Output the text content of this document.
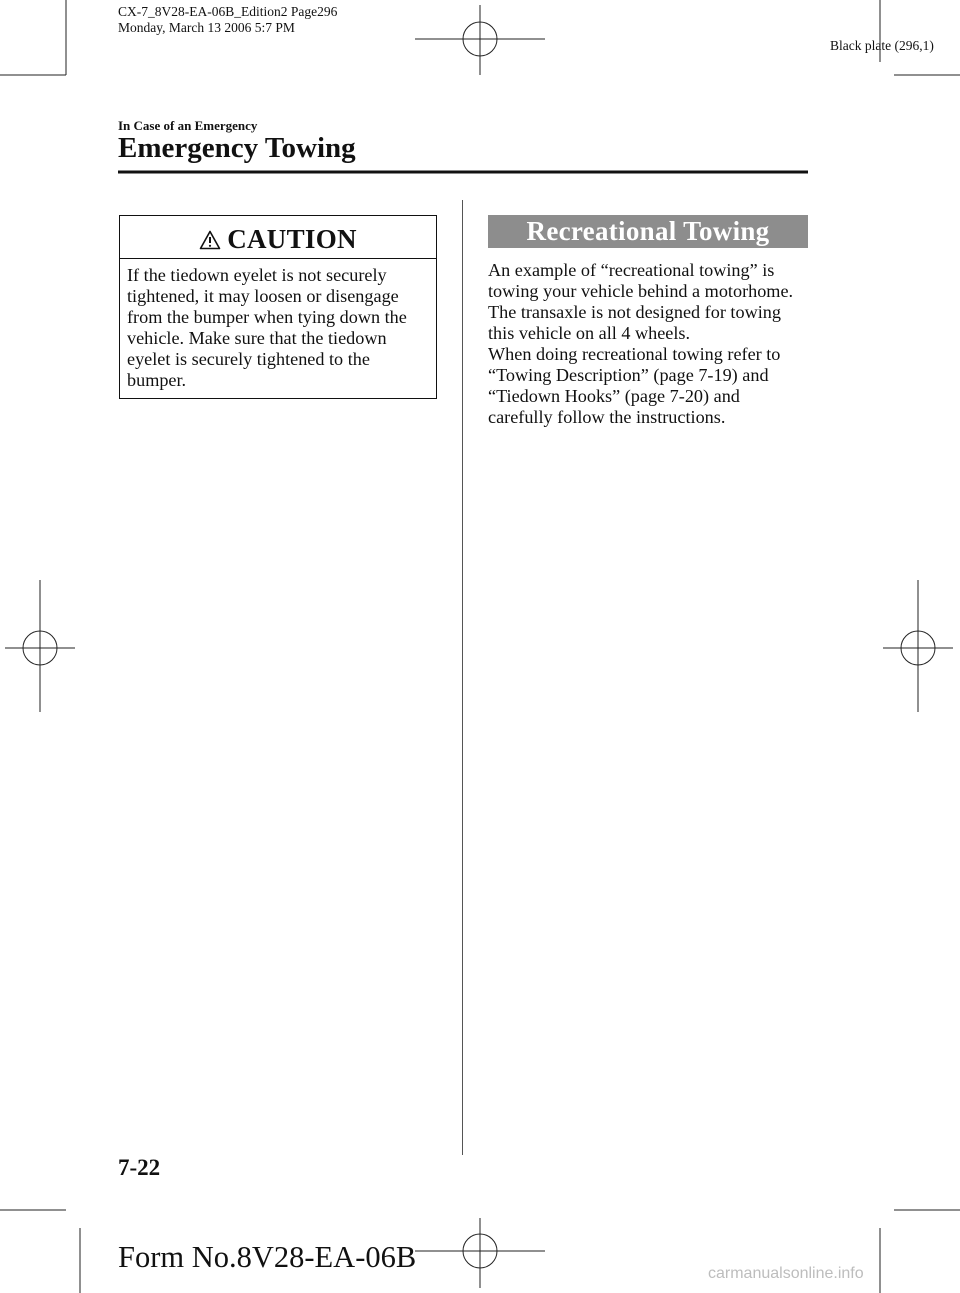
CX-7_8V28-EA-06B_Edition2 Page296
Monday, March 13 2006 5:7 PM
Black plate (296,1)
In Case of an Emergency
Emergency Towing
CAUTION
If the tiedown eyelet is not securely
tightened, it may loosen or disengage
from the bumper when tying down the
vehicle. Make sure that the tiedown
eyelet is securely tightened to the
bumper.
Recreational Towing
An example of “recreational towing” is
towing your vehicle behind a motorhome.
The transaxle is not designed for towing
this vehicle on all 4 wheels.
When doing recreational towing refer to
“Towing Description” (page 7-19) and
“Tiedown Hooks” (page 7-20) and
carefully follow the instructions.
7-22
Form No.8V28-EA-06B	carmanualsonline.info
